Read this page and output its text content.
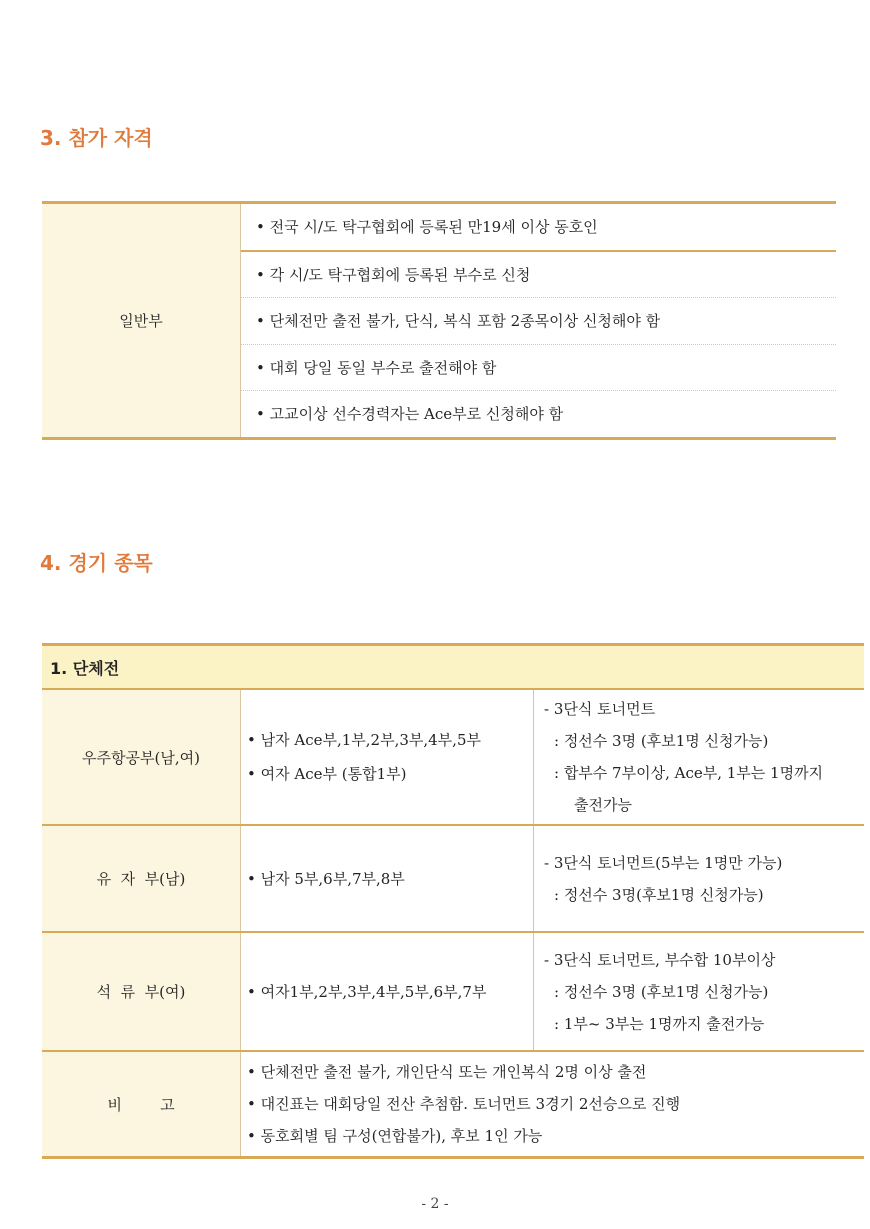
3. 참가 자격
일반부
• 전국 시/도 탁구협회에 등록된 만19세 이상 동호인
• 각 시/도 탁구협회에 등록된 부수로 신청
• 단체전만 출전 불가, 단식, 복식 포함 2종목이상 신청해야 함
• 대회 당일 동일 부수로 출전해야 함
• 고교이상 선수경력자는 Ace부로 신청해야 함
4. 경기 종목
1. 단체전
우주항공부(남,여)
• 남자 Ace부,1부,2부,3부,4부,5부
• 여자 Ace부 (통합1부)
- 3단식 토너먼트
: 정선수 3명 (후보1명 신청가능)
: 합부수 7부이상, Ace부, 1부는 1명까지
출전가능
유  자  부(남)	• 남자 5부,6부,7부,8부
- 3단식 토너먼트(5부는 1명만 가능)
: 정선수 3명(후보1명 신청가능)
석  류  부(여)	• 여자1부,2부,3부,4부,5부,6부,7부
- 3단식 토너먼트, 부수합 10부이상
: 정선수 3명 (후보1명 신청가능)
: 1부~ 3부는 1명까지 출전가능
비        고
• 단체전만 출전 불가, 개인단식 또는 개인복식 2명 이상 출전
• 대진표는 대회당일 전산 추첨함. 토너먼트 3경기 2선승으로 진행
• 동호회별 팀 구성(연합불가), 후보 1인 가능
- 2 -
